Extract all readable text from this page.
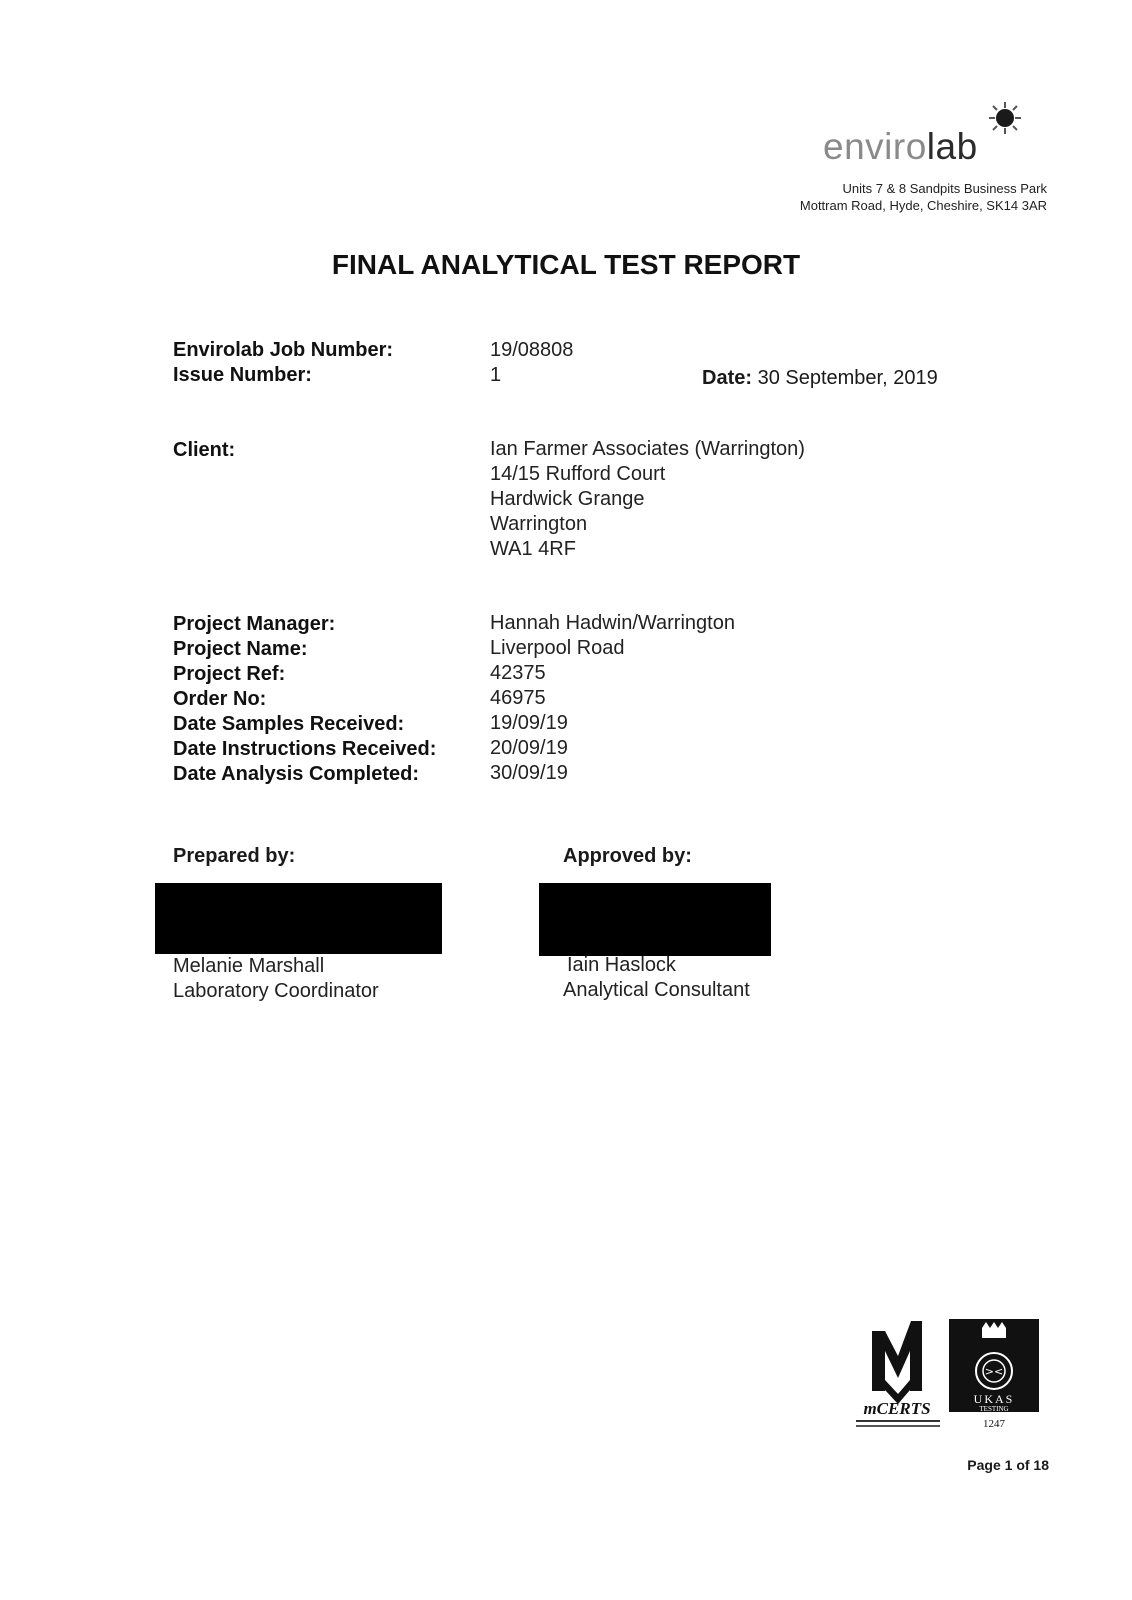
envirolab
Units 7 & 8 Sandpits Business Park
Mottram Road, Hyde, Cheshire, SK14 3AR
FINAL ANALYTICAL TEST REPORT
Envirolab Job Number:	19/08808
Issue Number:	1	Date: 30 September, 2019
Client:	Ian Farmer Associates (Warrington)
14/15 Rufford Court
Hardwick Grange
Warrington
WA1 4RF
Project Manager:	Hannah Hadwin/Warrington
Project Name:	Liverpool Road
Project Ref:	42375
Order No:	46975
Date Samples Received:	19/09/19
Date Instructions Received:	20/09/19
Date Analysis Completed:	30/09/19
Prepared by:	Approved by:
Melanie Marshall
Laboratory Coordinator
Iain Haslock
Analytical Consultant
mCERTS
><
UKAS
TESTING
1247
Page 1 of 18
